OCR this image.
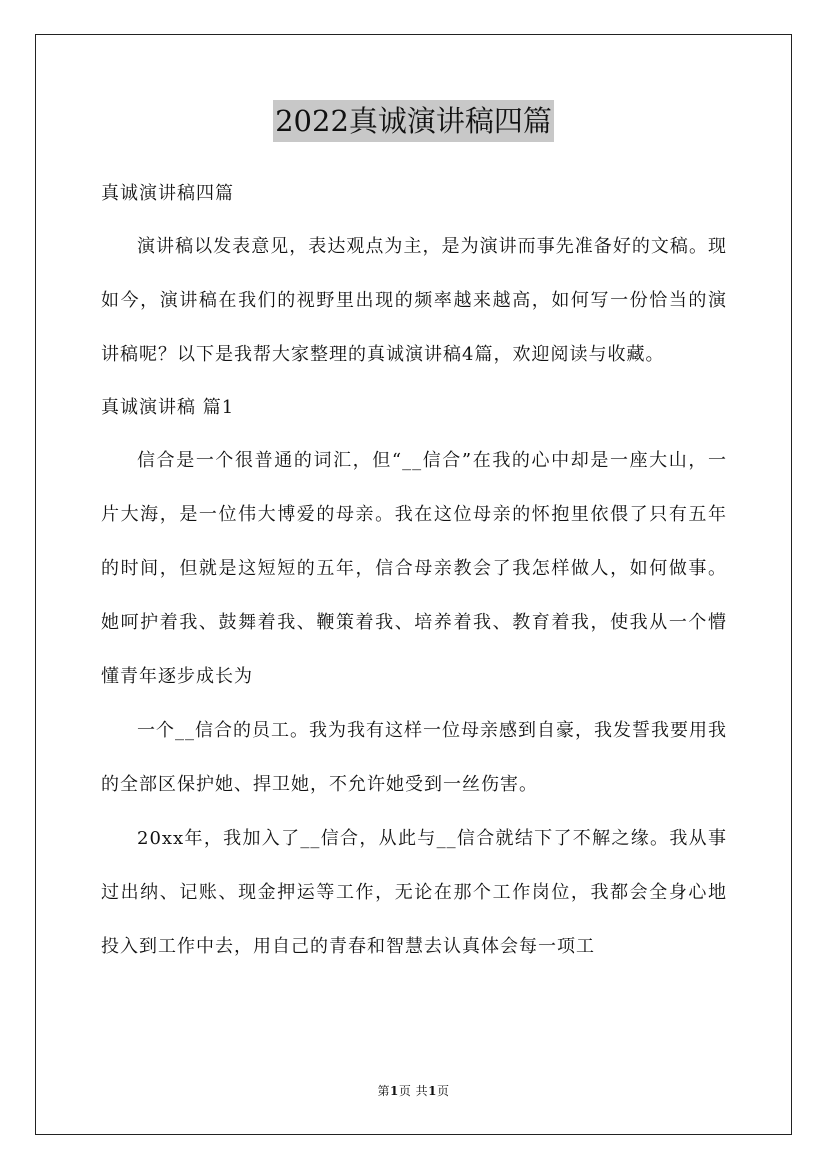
2022真诚演讲稿四篇

真诚演讲稿四篇

演讲稿以发表意见，表达观点为主，是为演讲而事先准备好的文稿。现如今，演讲稿在我们的视野里出现的频率越来越高，如何写一份恰当的演讲稿呢？以下是我帮大家整理的真诚演讲稿4篇，欢迎阅读与收藏。

真诚演讲稿 篇1

信合是一个很普通的词汇，但“__信合”在我的心中却是一座大山，一片大海，是一位伟大博爱的母亲。我在这位母亲的怀抱里依偎了只有五年的时间，但就是这短短的五年，信合母亲教会了我怎样做人，如何做事。她呵护着我、鼓舞着我、鞭策着我、培养着我、教育着我，使我从一个懵懂青年逐步成长为

一个__信合的员工。我为我有这样一位母亲感到自豪，我发誓我要用我的全部区保护她、捍卫她，不允许她受到一丝伤害。

20xx年，我加入了__信合，从此与__信合就结下了不解之缘。我从事过出纳、记账、现金押运等工作，无论在那个工作岗位，我都会全身心地投入到工作中去，用自己的青春和智慧去认真体会每一项工

第1页 共1页
